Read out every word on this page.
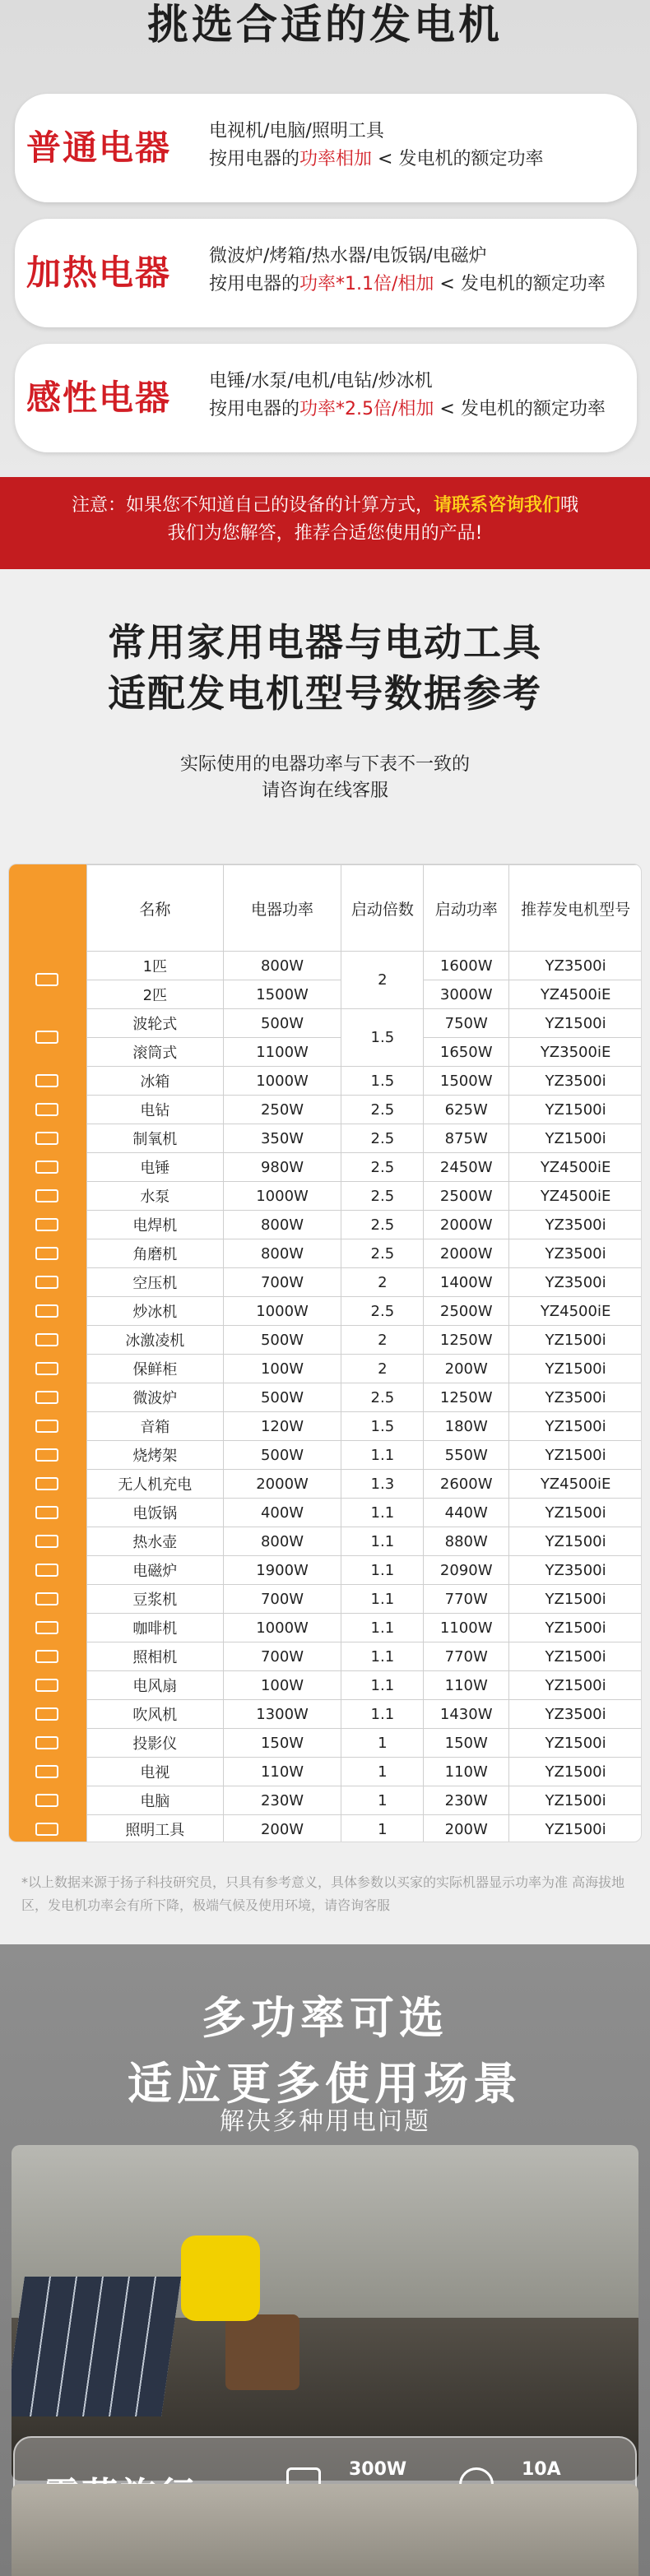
挑选合适的发电机
普通电器 电视机/电脑/照明工具
按用电器的功率相加 < 发电机的额定功率
加热电器 微波炉/烤箱/热水器/电饭锅/电磁炉
按用电器的功率*1.1倍/相加 < 发电机的额定功率
感性电器 电锤/水泵/电机/电钻/炒冰机
按用电器的功率*2.5倍/相加 < 发电机的额定功率
注意：如果您不知道自己的设备的计算方式，请联系咨询我们哦
我们为您解答，推荐合适您使用的产品!
常用家用电器与电动工具
适配发电机型号数据参考
实际使用的电器功率与下表不一致的
请咨询在线客服
名称	电器功率	启动倍数	启动功率	推荐发电机型号
1匹	800W	2	1600W	YZ3500i
2匹	1500W		3000W	YZ4500iE
波轮式	500W	1.5	750W	YZ1500i
滚筒式	1100W		1650W	YZ3500iE
冰箱	1000W	1.5	1500W	YZ3500i
电钻	250W	2.5	625W	YZ1500i
制氧机	350W	2.5	875W	YZ1500i
电锤	980W	2.5	2450W	YZ4500iE
水泵	1000W	2.5	2500W	YZ4500iE
电焊机	800W	2.5	2000W	YZ3500i
角磨机	800W	2.5	2000W	YZ3500i
空压机	700W	2	1400W	YZ3500i
炒冰机	1000W	2.5	2500W	YZ4500iE
冰激凌机	500W	2	1250W	YZ1500i
保鲜柜	100W	2	200W	YZ1500i
微波炉	500W	2.5	1250W	YZ3500i
音箱	120W	1.5	180W	YZ1500i
烧烤架	500W	1.1	550W	YZ1500i
无人机充电	2000W	1.3	2600W	YZ4500iE
电饭锅	400W	1.1	440W	YZ1500i
热水壶	800W	1.1	880W	YZ1500i
电磁炉	1900W	1.1	2090W	YZ3500i
豆浆机	700W	1.1	770W	YZ1500i
咖啡机	1000W	1.1	1100W	YZ1500i
照相机	700W	1.1	770W	YZ1500i
电风扇	100W	1.1	110W	YZ1500i
吹风机	1300W	1.1	1430W	YZ3500i
投影仪	150W	1	150W	YZ1500i
电视	110W	1	110W	YZ1500i
电脑	230W	1	230W	YZ1500i
照明工具	200W	1	200W	YZ1500i
*以上数据来源于扬子科技研究员，只具有参考意义，具体参数以买家的实际机器显示功率为准 高海拔地区，发电机功率会有所下降，极端气候及使用环境，请咨询客服
多功率可选
适应更多使用场景
解决多种用电问题
300W	10A
